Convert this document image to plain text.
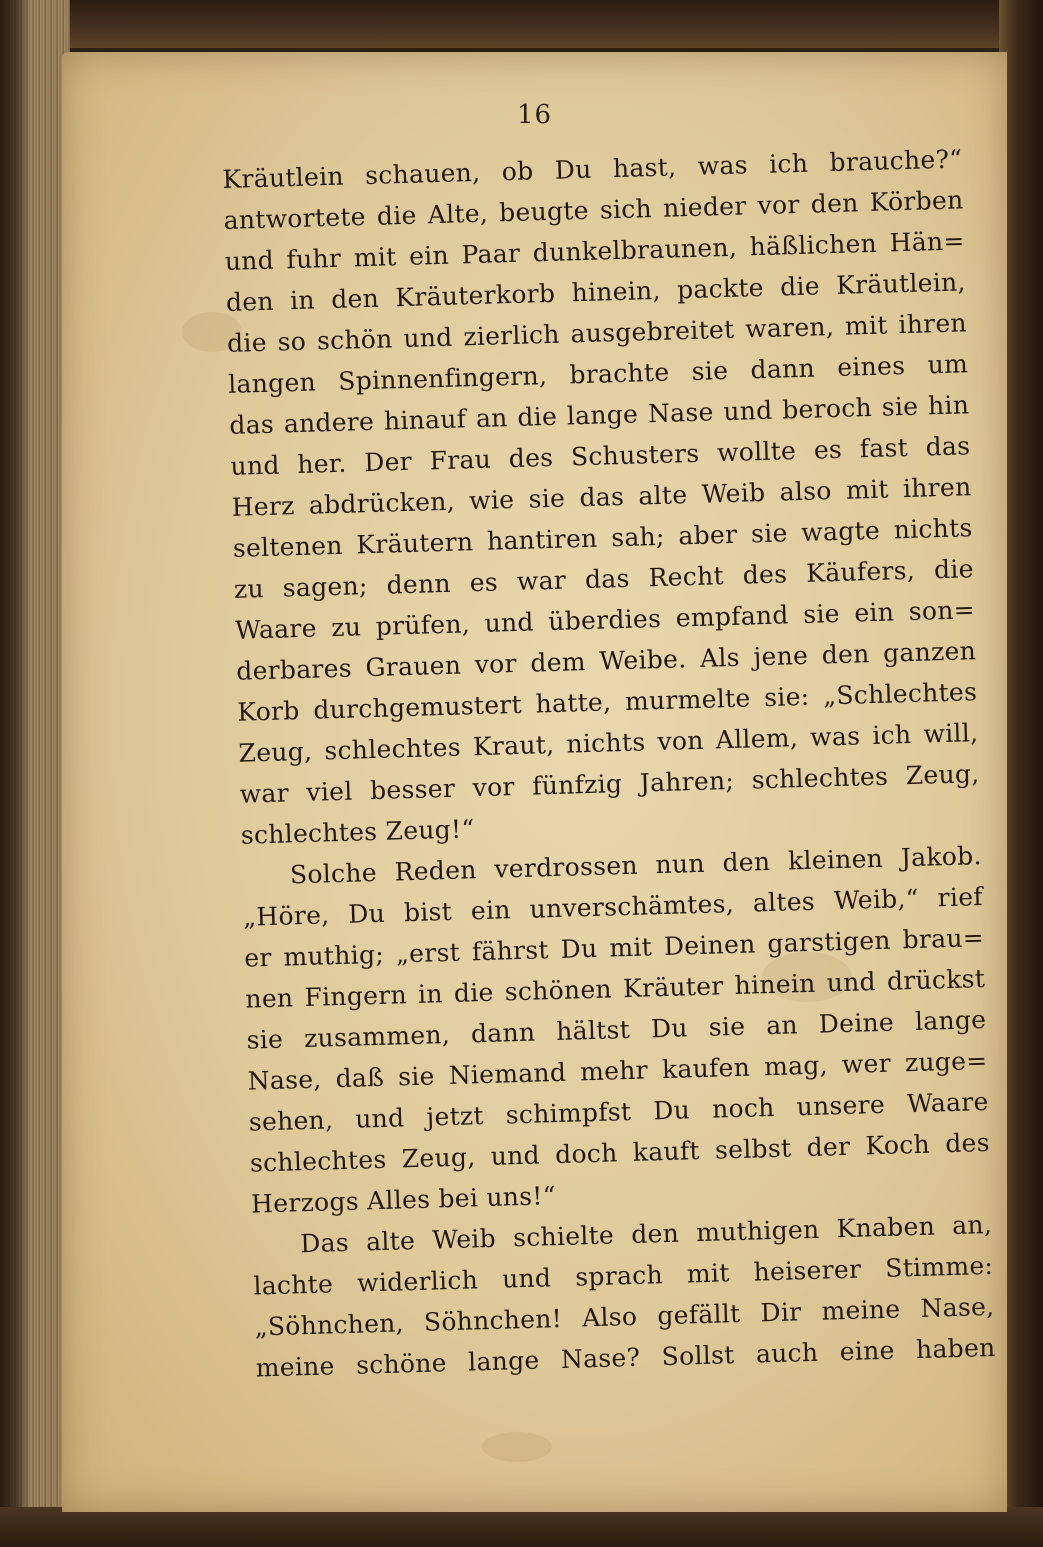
16
Kräutlein schauen, ob Du hast, was ich brauche?“
antwortete die Alte, beugte sich nieder vor den Körben
und fuhr mit ein Paar dunkelbraunen, häßlichen Hän=
den in den Kräuterkorb hinein, packte die Kräutlein,
die so schön und zierlich ausgebreitet waren, mit ihren
langen Spinnenfingern, brachte sie dann eines um
das andere hinauf an die lange Nase und beroch sie hin
und her. Der Frau des Schusters wollte es fast das
Herz abdrücken, wie sie das alte Weib also mit ihren
seltenen Kräutern hantiren sah; aber sie wagte nichts
zu sagen; denn es war das Recht des Käufers, die
Waare zu prüfen, und überdies empfand sie ein son=
derbares Grauen vor dem Weibe. Als jene den ganzen
Korb durchgemustert hatte, murmelte sie: „Schlechtes
Zeug, schlechtes Kraut, nichts von Allem, was ich will,
war viel besser vor fünfzig Jahren; schlechtes Zeug,
schlechtes Zeug!“
Solche Reden verdrossen nun den kleinen Jakob.
„Höre, Du bist ein unverschämtes, altes Weib,“ rief
er muthig; „erst fährst Du mit Deinen garstigen brau=
nen Fingern in die schönen Kräuter hinein und drückst
sie zusammen, dann hältst Du sie an Deine lange
Nase, daß sie Niemand mehr kaufen mag, wer zuge=
sehen, und jetzt schimpfst Du noch unsere Waare
schlechtes Zeug, und doch kauft selbst der Koch des
Herzogs Alles bei uns!“
Das alte Weib schielte den muthigen Knaben an,
lachte widerlich und sprach mit heiserer Stimme:
„Söhnchen, Söhnchen! Also gefällt Dir meine Nase,
meine schöne lange Nase? Sollst auch eine haben
